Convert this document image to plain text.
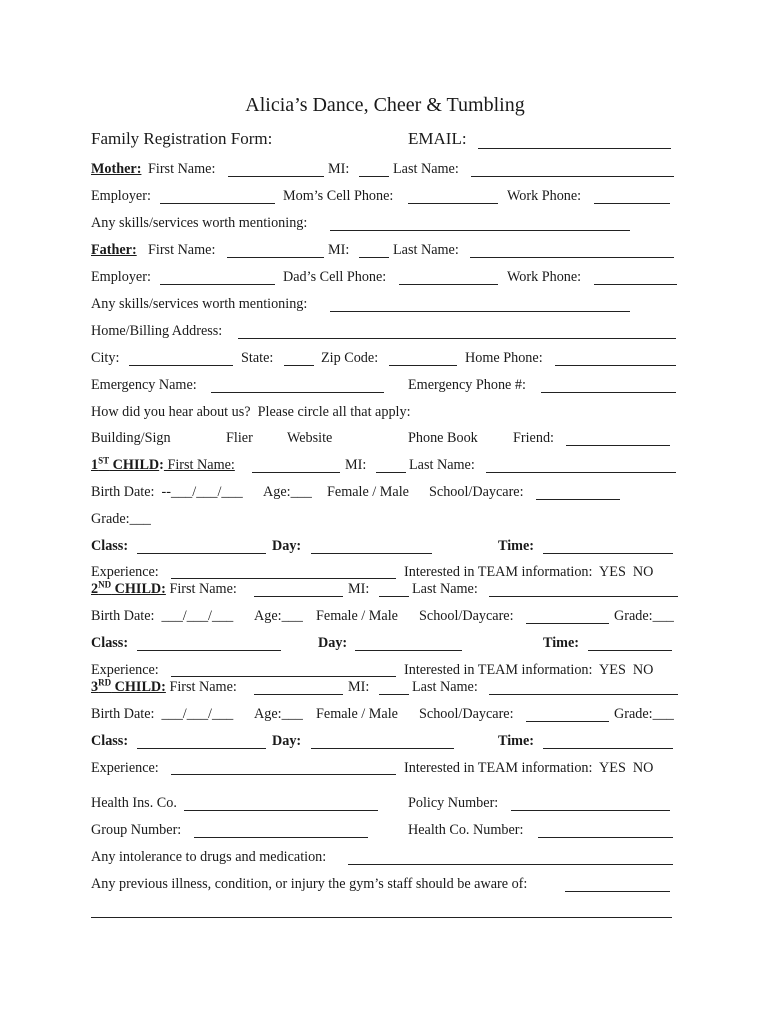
Alicia’s Dance, Cheer & Tumbling
Family Registration Form:	EMAIL:
Mother: First Name:	MI:	Last Name:
Employer:	Mom’s Cell Phone:	Work Phone:
Any skills/services worth mentioning:
Father: First Name:	MI:	Last Name:
Employer:	Dad’s Cell Phone:	Work Phone:
Any skills/services worth mentioning:
Home/Billing Address:
City:	State:	Zip Code:	Home Phone:
Emergency Name:	Emergency Phone #:
How did you hear about us?  Please circle all that apply:
Building/Sign	Flier Website	Phone Book Friend:
1ST CHILD: First Name:	MI:	Last Name:
Birth Date:  --___/___/___ Age:___ Female / Male School/Daycare:
Grade:___
Class:	Day:	Time:
Experience:	Interested in TEAM information:  YES  NO
2ND CHILD: First Name:	MI:	Last Name:
Birth Date:  ___/___/___ Age:___ Female / Male School/Daycare:	Grade:___
Class:	Day:	Time:
Experience:	Interested in TEAM information:  YES  NO
3RD CHILD: First Name:	MI:	Last Name:
Birth Date:  ___/___/___ Age:___ Female / Male School/Daycare:	Grade:___
Class:	Day:	Time:
Experience:	Interested in TEAM information:  YES  NO
Health Ins. Co.	Policy Number:
Group Number:	Health Co. Number:
Any intolerance to drugs and medication:
Any previous illness, condition, or injury the gym’s staff should be aware of:
